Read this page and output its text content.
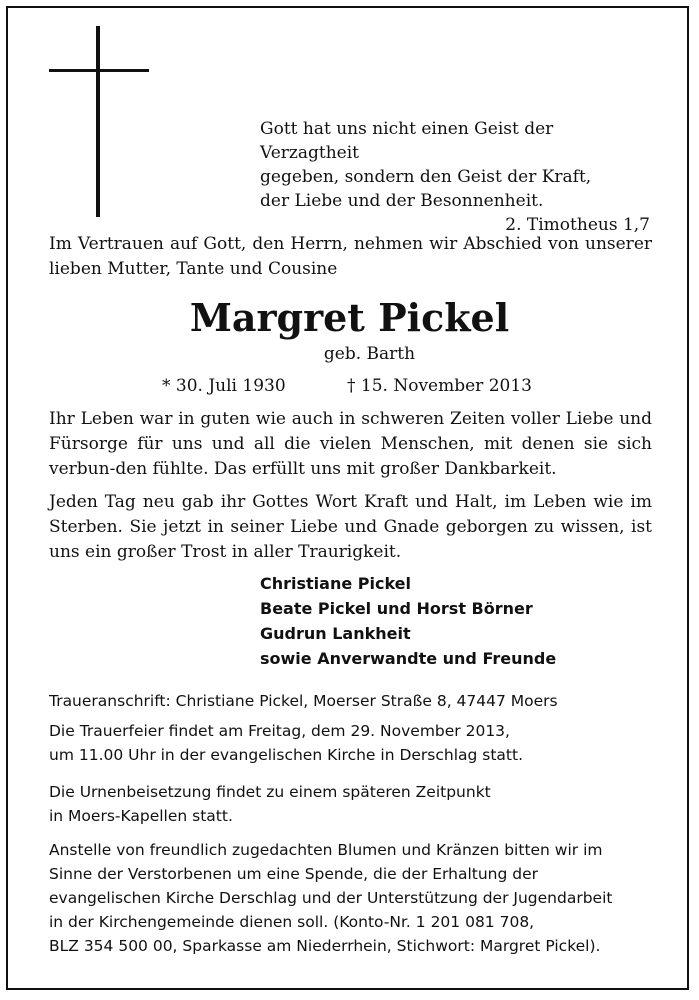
Gott hat uns nicht einen Geist der Verzagtheit
gegeben, sondern den Geist der Kraft,
der Liebe und der Besonnenheit.
2. Timotheus 1,7
Im Vertrauen auf Gott, den Herrn, nehmen wir Abschied von unserer lieben Mutter, Tante und Cousine
Margret Pickel
geb. Barth
* 30. Juli 1930	† 15. November 2013
Ihr Leben war in guten wie auch in schweren Zeiten voller Liebe und Fürsorge für uns und all die vielen Menschen, mit denen sie sich verbun-den fühlte. Das erfüllt uns mit großer Dankbarkeit.
Jeden Tag neu gab ihr Gottes Wort Kraft und Halt, im Leben wie im Sterben. Sie jetzt in seiner Liebe und Gnade geborgen zu wissen, ist uns ein großer Trost in aller Traurigkeit.
Christiane Pickel
Beate Pickel und Horst Börner
Gudrun Lankheit
sowie Anverwandte und Freunde
Traueranschrift: Christiane Pickel, Moerser Straße 8, 47447 Moers
Die Trauerfeier findet am Freitag, dem 29. November 2013,
um 11.00 Uhr in der evangelischen Kirche in Derschlag statt.
Die Urnenbeisetzung findet zu einem späteren Zeitpunkt
in Moers-Kapellen statt.
Anstelle von freundlich zugedachten Blumen und Kränzen bitten wir im
Sinne der Verstorbenen um eine Spende, die der Erhaltung der
evangelischen Kirche Derschlag und der Unterstützung der Jugendarbeit
in der Kirchengemeinde dienen soll. (Konto-Nr. 1 201 081 708,
BLZ 354 500 00, Sparkasse am Niederrhein, Stichwort: Margret Pickel).
